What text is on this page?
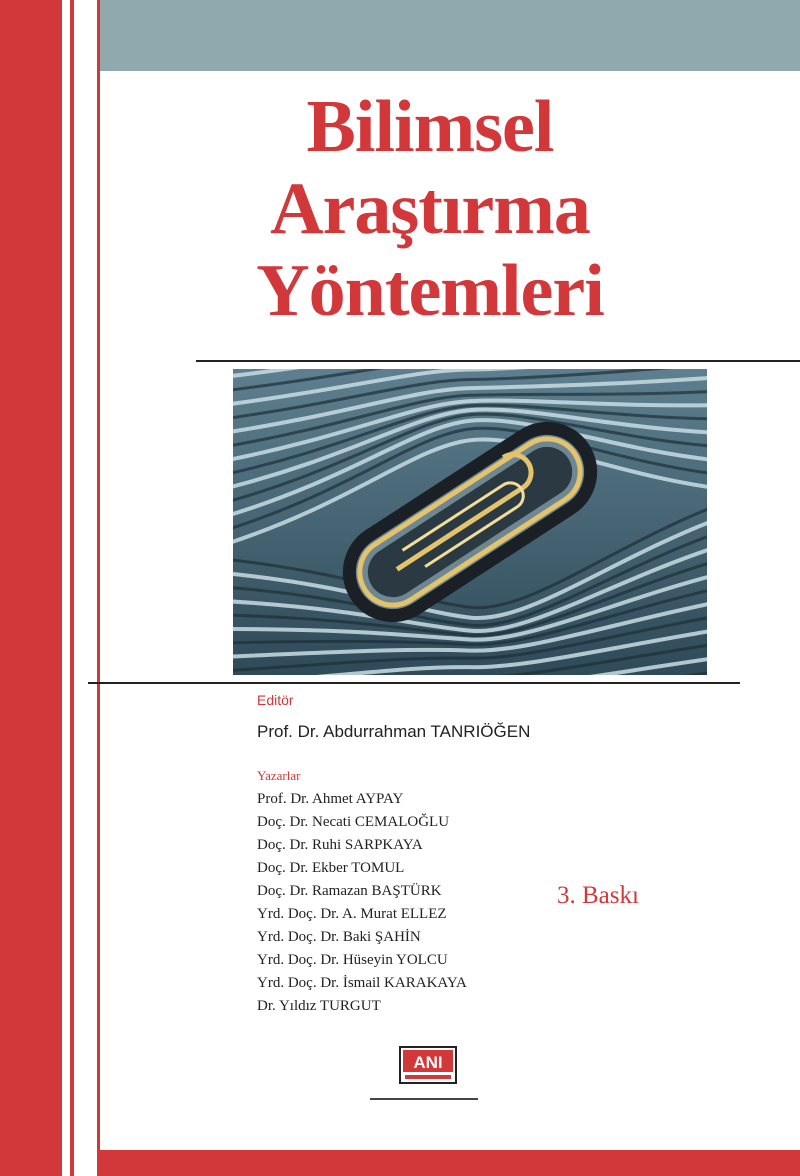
Bilimsel
Araştırma
Yöntemleri
Editör
Prof. Dr. Abdurrahman TANRIÖĞEN
Yazarlar
Prof. Dr. Ahmet AYPAY
Doç. Dr. Necati CEMALOĞLU
Doç. Dr. Ruhi SARPKAYA
Doç. Dr. Ekber TOMUL
Doç. Dr. Ramazan BAŞTÜRK
Yrd. Doç. Dr. A. Murat ELLEZ
Yrd. Doç. Dr. Baki ŞAHİN
Yrd. Doç. Dr. Hüseyin YOLCU
Yrd. Doç. Dr. İsmail KARAKAYA
Dr. Yıldız TURGUT
3. Baskı
ANI
